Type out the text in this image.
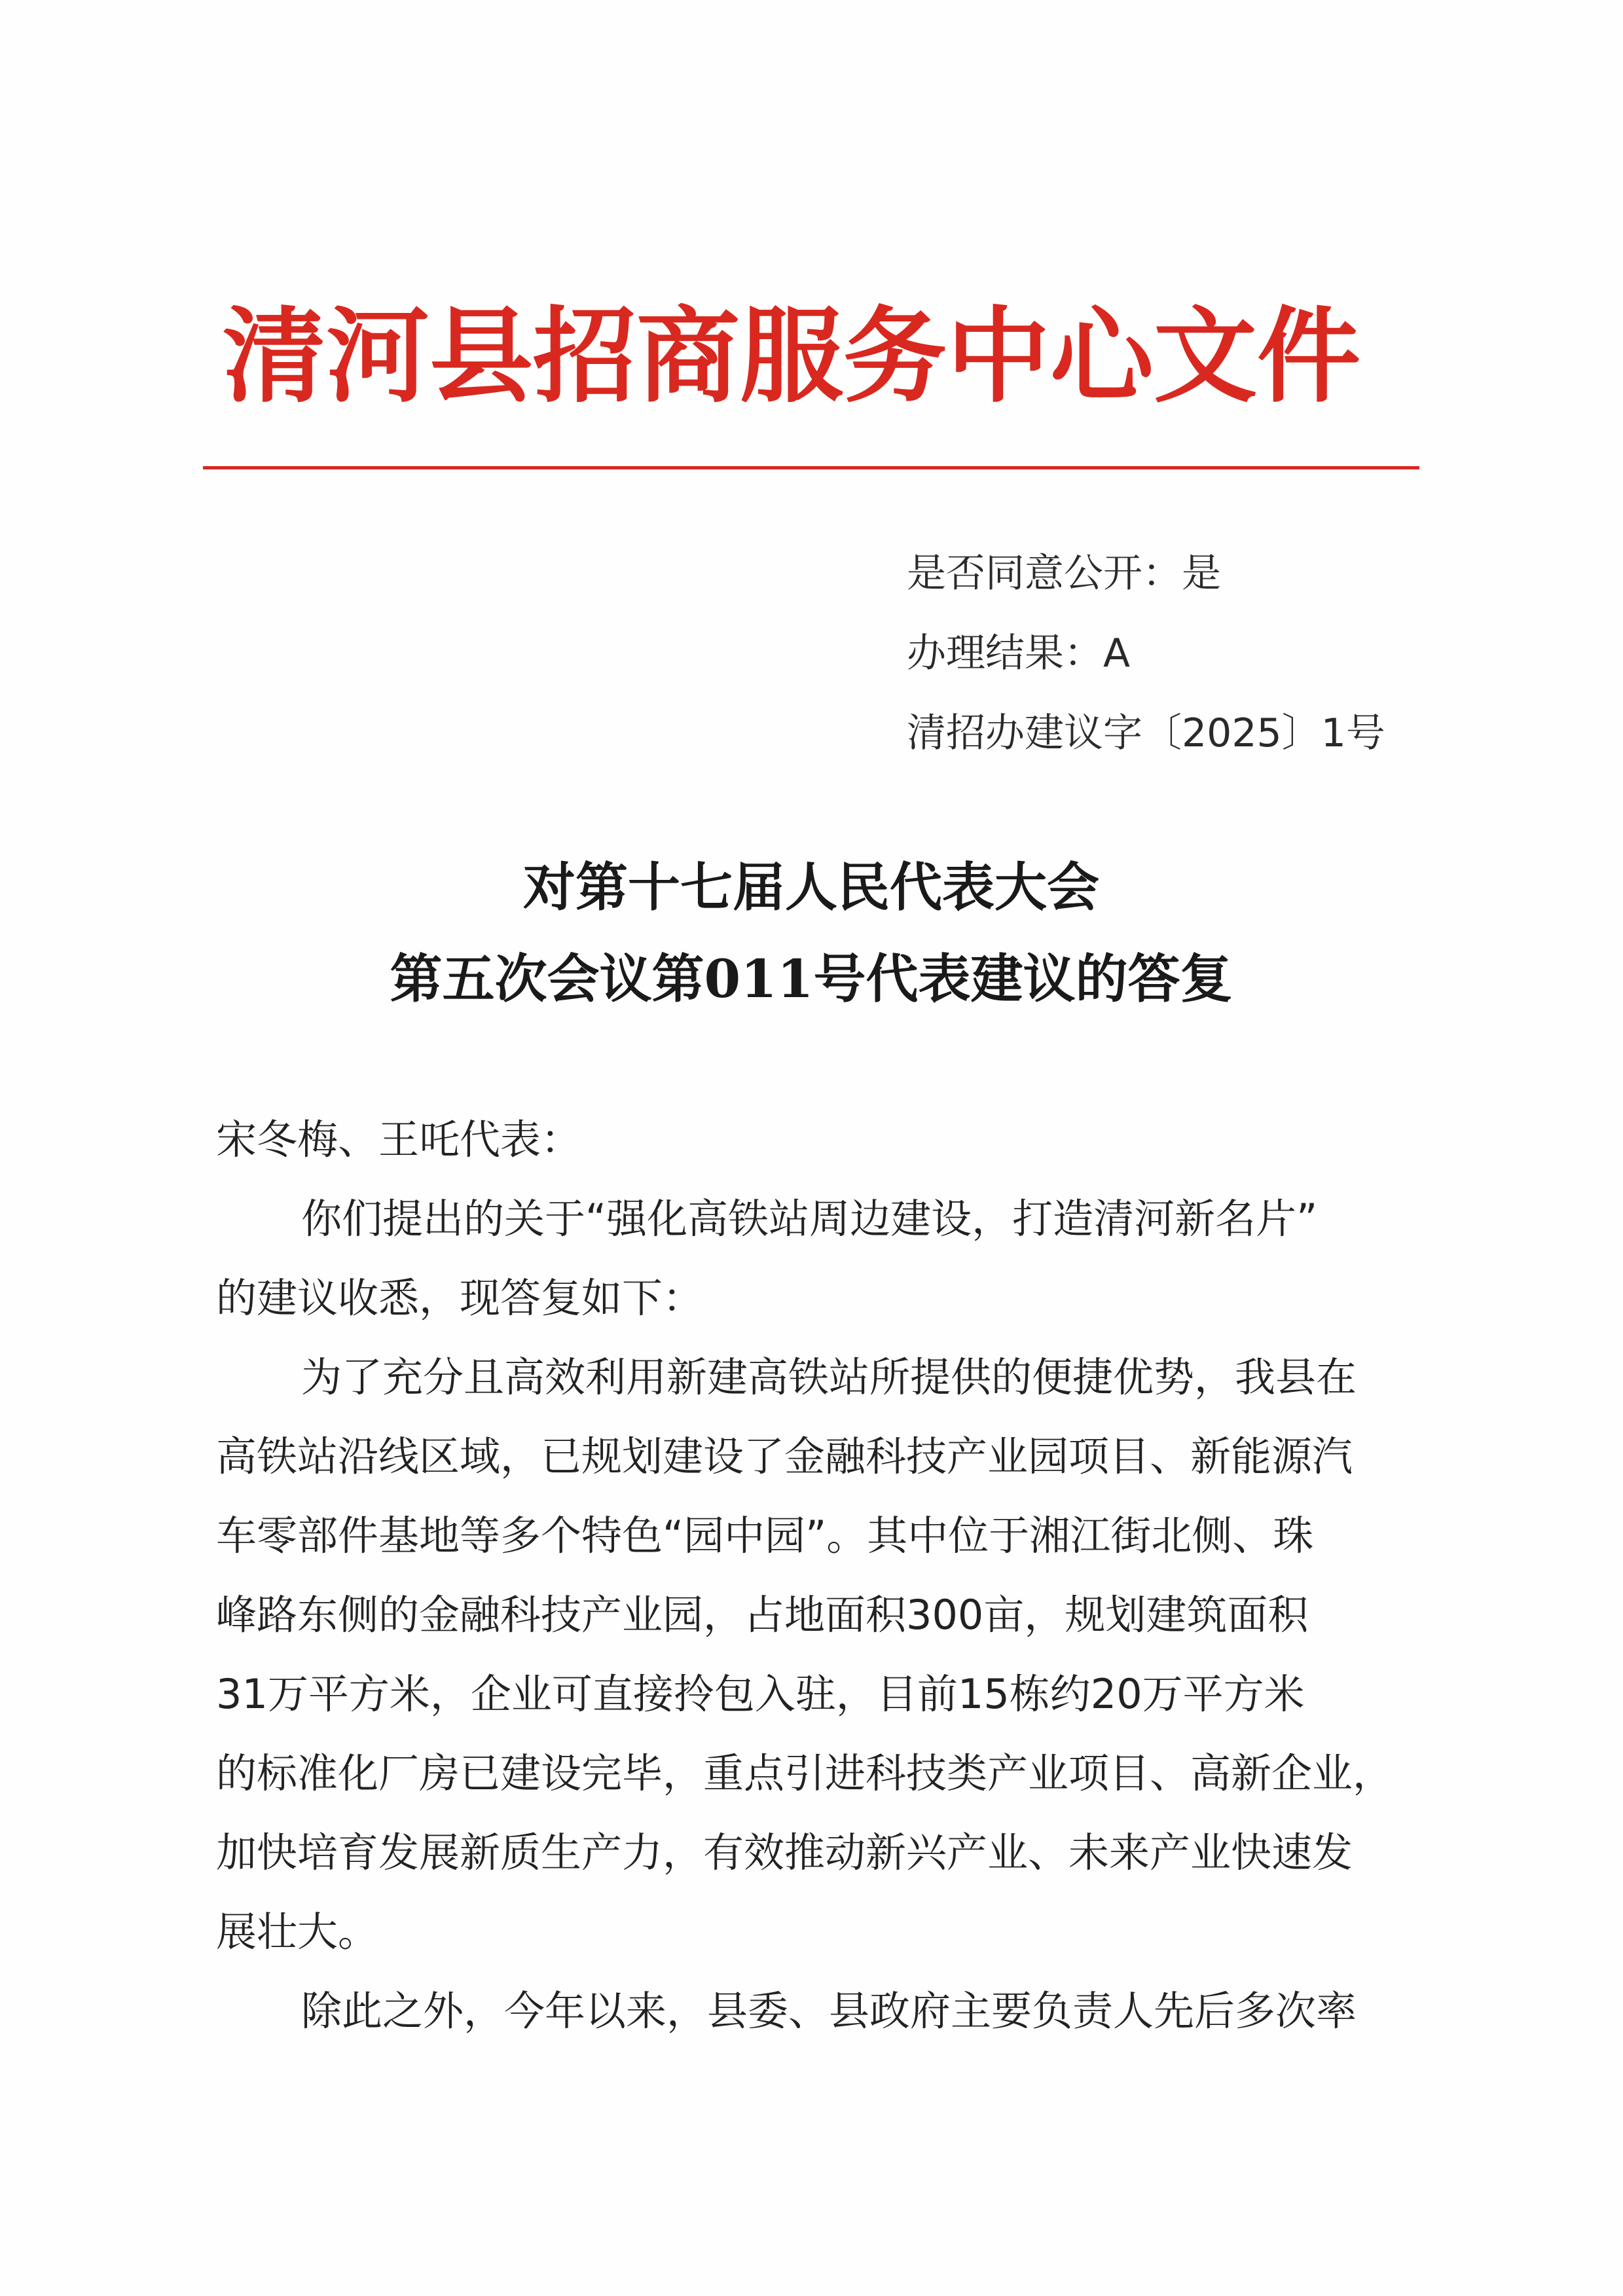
清河县招商服务中心文件
是否同意公开：是
办理结果：A
清招办建议字〔2025〕1号
对第十七届人民代表大会
第五次会议第011号代表建议的答复
宋冬梅、王吒代表：
你们提出的关于“强化高铁站周边建设，打造清河新名片”
的建议收悉，现答复如下：
为了充分且高效利用新建高铁站所提供的便捷优势，我县在
高铁站沿线区域，已规划建设了金融科技产业园项目、新能源汽
车零部件基地等多个特色“园中园”。其中位于湘江街北侧、珠
峰路东侧的金融科技产业园，占地面积300亩，规划建筑面积
31万平方米，企业可直接拎包入驻，目前15栋约20万平方米
的标准化厂房已建设完毕，重点引进科技类产业项目、高新企业，
加快培育发展新质生产力，有效推动新兴产业、未来产业快速发
展壮大。
除此之外，今年以来，县委、县政府主要负责人先后多次率
